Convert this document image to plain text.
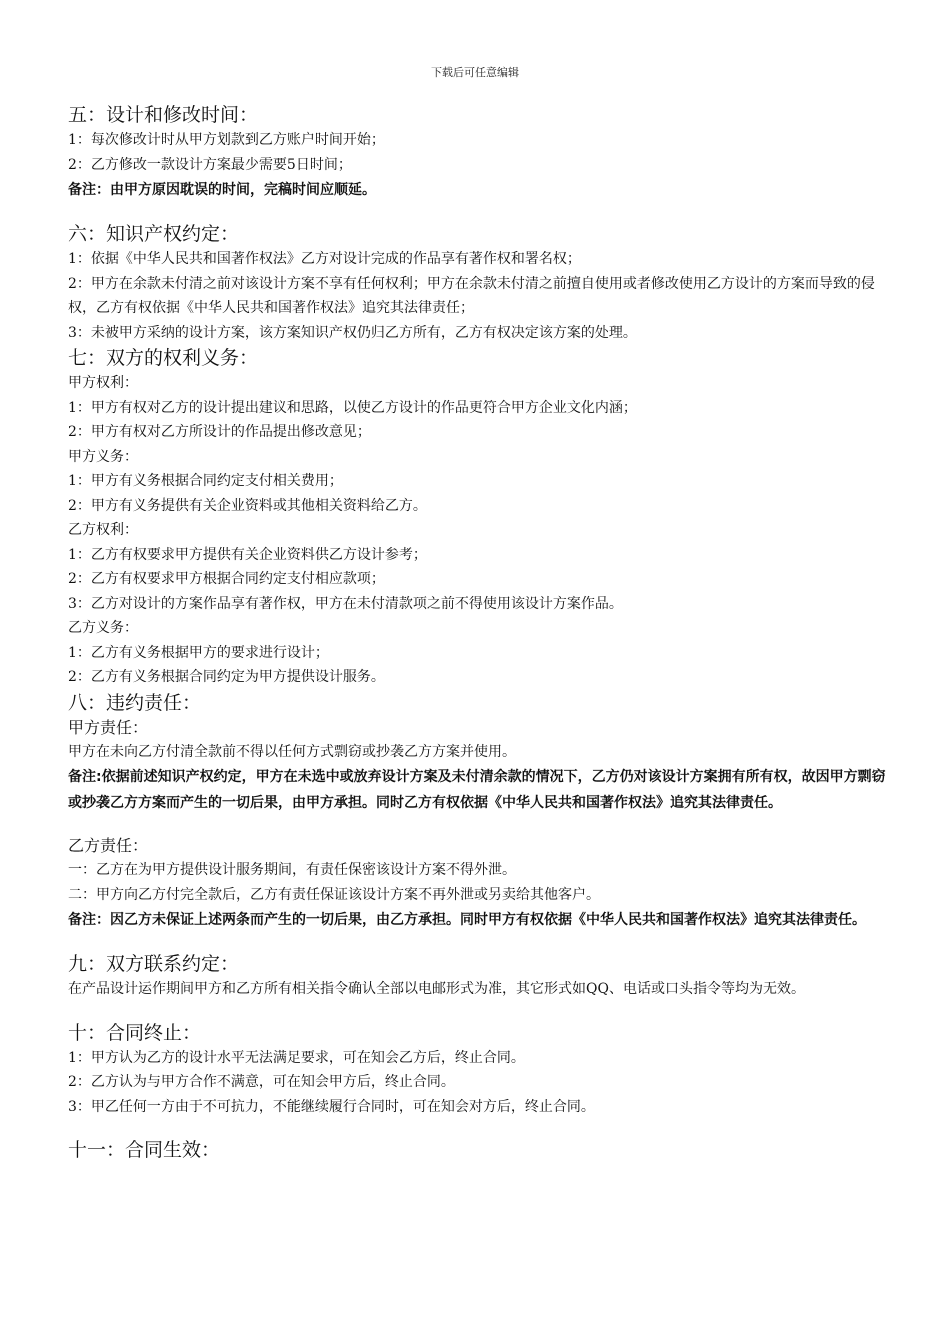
下载后可任意编辑
五：设计和修改时间：

1：每次修改计时从甲方划款到乙方账户时间开始；

2：乙方修改一款设计方案最少需要5日时间；

备注：由甲方原因耽误的时间，完稿时间应顺延。

六：知识产权约定：

1：依据《中华人民共和国著作权法》乙方对设计完成的作品享有著作权和署名权；

2：甲方在余款未付清之前对该设计方案不享有任何权利；甲方在余款未付清之前擅自使用或者修改使用乙方设计的方案而导致的侵权，乙方有权依据《中华人民共和国著作权法》追究其法律责任；

3：未被甲方采纳的设计方案，该方案知识产权仍归乙方所有，乙方有权决定该方案的处理。

七：双方的权利义务：

甲方权利：

1：甲方有权对乙方的设计提出建议和思路，以使乙方设计的作品更符合甲方企业文化内涵；

2：甲方有权对乙方所设计的作品提出修改意见；

甲方义务：

1：甲方有义务根据合同约定支付相关费用；

2：甲方有义务提供有关企业资料或其他相关资料给乙方。

乙方权利：

1：乙方有权要求甲方提供有关企业资料供乙方设计参考；

2：乙方有权要求甲方根据合同约定支付相应款项；

3：乙方对设计的方案作品享有著作权，甲方在未付清款项之前不得使用该设计方案作品。

乙方义务：

1：乙方有义务根据甲方的要求进行设计；

2：乙方有义务根据合同约定为甲方提供设计服务。

八：违约责任：

甲方责任：

甲方在未向乙方付清全款前不得以任何方式剽窃或抄袭乙方方案并使用。

备注:依据前述知识产权约定，甲方在未选中或放弃设计方案及未付清余款的情况下，乙方仍对该设计方案拥有所有权，故因甲方剽窃或抄袭乙方方案而产生的一切后果，由甲方承担。同时乙方有权依据《中华人民共和国著作权法》追究其法律责任。

乙方责任：

一：乙方在为甲方提供设计服务期间，有责任保密该设计方案不得外泄。

二：甲方向乙方付完全款后，乙方有责任保证该设计方案不再外泄或另卖给其他客户。

备注：因乙方未保证上述两条而产生的一切后果，由乙方承担。同时甲方有权依据《中华人民共和国著作权法》追究其法律责任。

九：双方联系约定：

在产品设计运作期间甲方和乙方所有相关指令确认全部以电邮形式为准，其它形式如QQ、电话或口头指令等均为无效。

十：合同终止：

1：甲方认为乙方的设计水平无法满足要求，可在知会乙方后，终止合同。

2：乙方认为与甲方合作不满意，可在知会甲方后，终止合同。

3：甲乙任何一方由于不可抗力，不能继续履行合同时，可在知会对方后，终止合同。

十一：合同生效：
